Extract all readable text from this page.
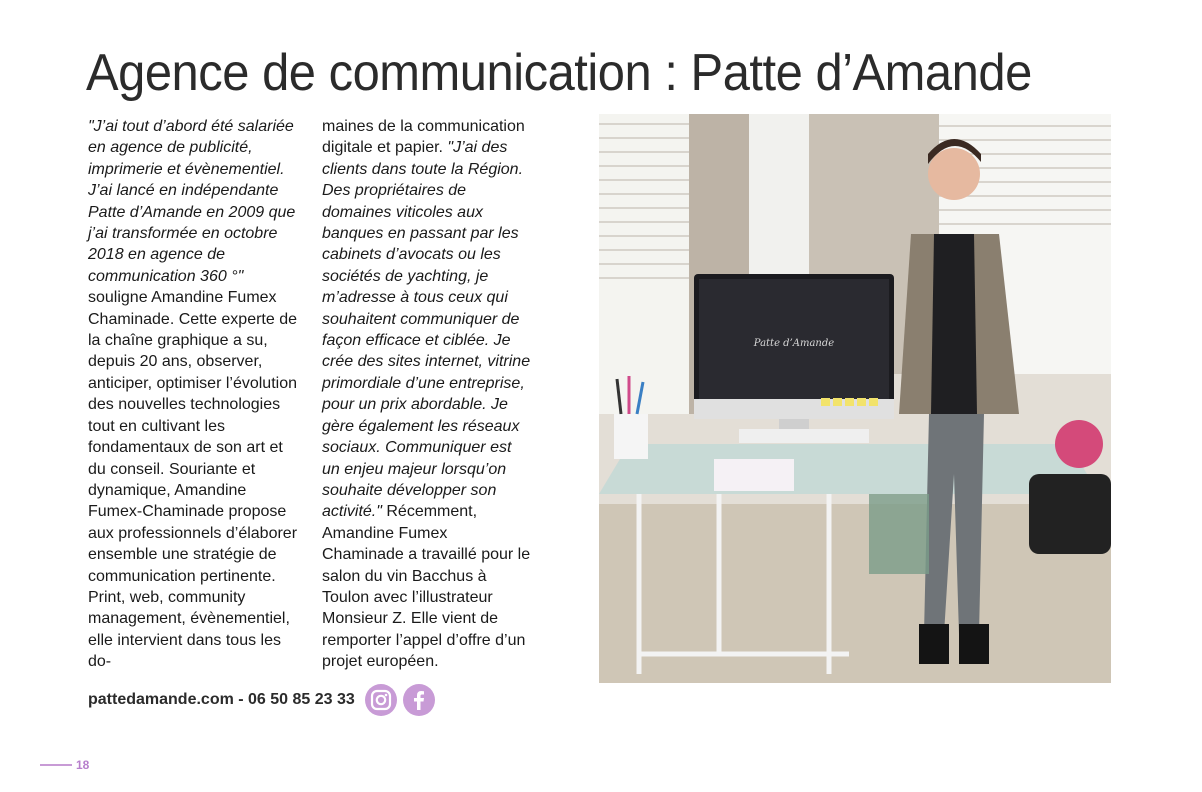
Agence de communication : Patte d’Amande

"J’ai tout d’abord été salariée en agence de publicité, imprimerie et évènementiel. J’ai lancé en indépendante Patte d’Amande en 2009 que j’ai transformée en octobre 2018 en agence de communication 360 °" souligne Amandine Fumex Chaminade. Cette experte de la chaîne graphique a su, depuis 20 ans, observer, anticiper, optimiser l’évolution des nouvelles technologies tout en cultivant les fondamentaux de son art et du conseil. Souriante et dynamique, Amandine Fumex-Chaminade propose aux professionnels d’élaborer ensemble une stratégie de communication pertinente. Print, web, community management, évènementiel, elle intervient dans tous les do-

maines de la communication digitale et papier. "J’ai des clients dans toute la Région. Des propriétaires de domaines viticoles aux banques en passant par les cabinets d’avocats ou les sociétés de yachting, je m’adresse à tous ceux qui souhaitent communiquer de façon efficace et ciblée. Je crée des sites internet, vitrine primordiale d’une entreprise, pour un prix abordable. Je gère également les réseaux sociaux. Communiquer est un enjeu majeur lorsqu’on souhaite développer son activité." Récemment, Amandine Fumex Chaminade a travaillé pour le salon du vin Bacchus à Toulon avec l’illustrateur Monsieur Z. Elle vient de remporter l’appel d’offre d’un projet européen.

Patte d’Amande
pattedamande.com - 06 50 85 23 33
18
